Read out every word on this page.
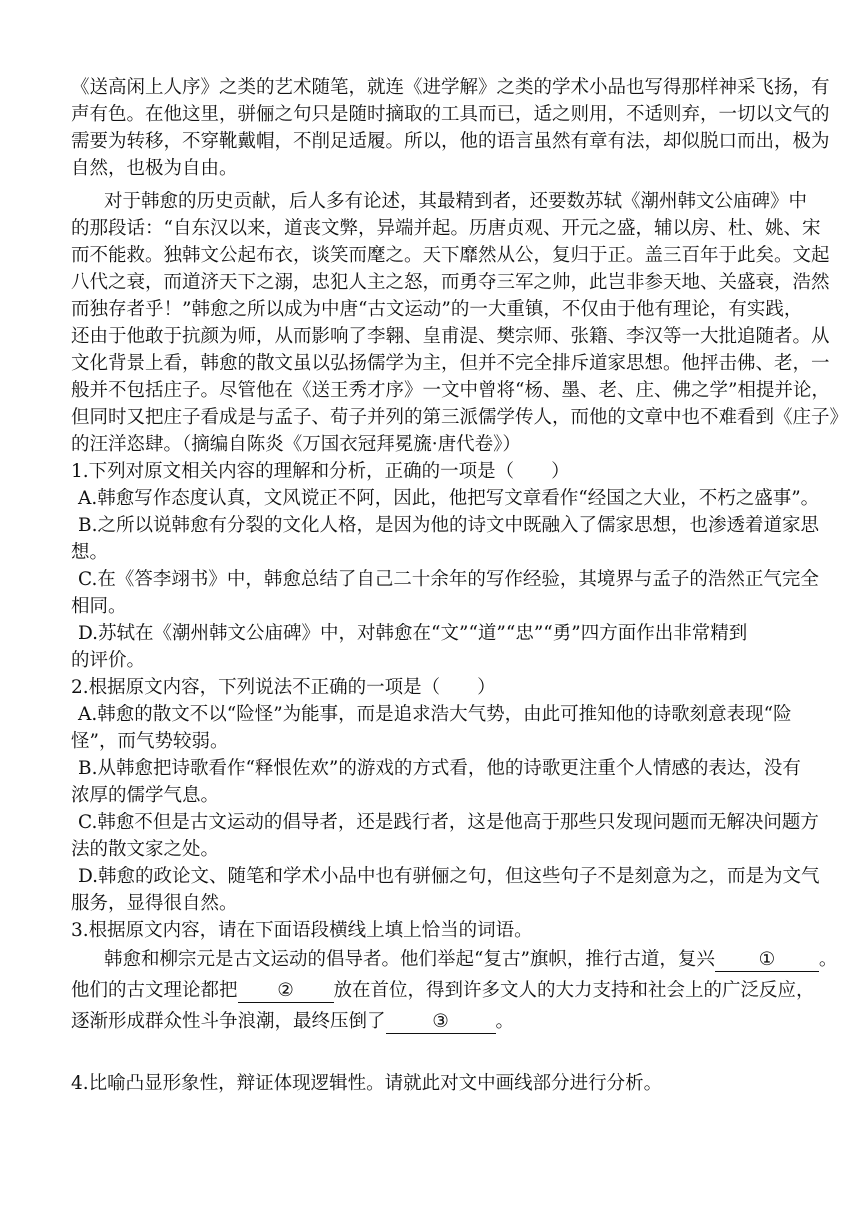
《送高闲上人序》之类的艺术随笔，就连《进学解》之类的学术小品也写得那样神采飞扬，有
声有色。在他这里，骈俪之句只是随时摘取的工具而已，适之则用，不适则弃，一切以文气的
需要为转移，不穿靴戴帽，不削足适履。所以，他的语言虽然有章有法，却似脱口而出，极为
自然，也极为自由。
对于韩愈的历史贡献，后人多有论述，其最精到者，还要数苏轼《潮州韩文公庙碑》中
的那段话：“自东汉以来，道丧文弊，异端并起。历唐贞观、开元之盛，辅以房、杜、姚、宋
而不能救。独韩文公起布衣，谈笑而麾之。天下靡然从公，复归于正。盖三百年于此矣。文起
八代之衰，而道济天下之溺，忠犯人主之怒，而勇夺三军之帅，此岂非参天地、关盛衰，浩然
而独存者乎！”韩愈之所以成为中唐“古文运动”的一大重镇，不仅由于他有理论，有实践，
还由于他敢于抗颜为师，从而影响了李翱、皇甫湜、樊宗师、张籍、李汉等一大批追随者。从
文化背景上看，韩愈的散文虽以弘扬儒学为主，但并不完全排斥道家思想。他抨击佛、老，一
般并不包括庄子。尽管他在《送王秀才序》一文中曾将“杨、墨、老、庄、佛之学”相提并论，
但同时又把庄子看成是与孟子、荀子并列的第三派儒学传人，而他的文章中也不难看到《庄子》
的汪洋恣肆。（摘编自陈炎《万国衣冠拜冕旒·唐代卷》）
1.下列对原文相关内容的理解和分析，正确的一项是（　　）
A.韩愈写作态度认真，文风谠正不阿，因此，他把写文章看作“经国之大业，不朽之盛事”。
B.之所以说韩愈有分裂的文化人格，是因为他的诗文中既融入了儒家思想，也渗透着道家思
想。
C.在《答李翊书》中，韩愈总结了自己二十余年的写作经验，其境界与孟子的浩然正气完全
相同。
D.苏轼在《潮州韩文公庙碑》中，对韩愈在“文”“道”“忠”“勇”四方面作出非常精到
的评价。
2.根据原文内容，下列说法不正确的一项是（　　）
A.韩愈的散文不以“险怪”为能事，而是追求浩大气势，由此可推知他的诗歌刻意表现“险
怪”，而气势较弱。
B.从韩愈把诗歌看作“释恨佐欢”的游戏的方式看，他的诗歌更注重个人情感的表达，没有
浓厚的儒学气息。
C.韩愈不但是古文运动的倡导者，还是践行者，这是他高于那些只发现问题而无解决问题方
法的散文家之处。
D.韩愈的政论文、随笔和学术小品中也有骈俪之句，但这些句子不是刻意为之，而是为文气
服务，显得很自然。
3.根据原文内容，请在下面语段横线上填上恰当的词语。
韩愈和柳宗元是古文运动的倡导者。他们举起“复古”旗帜，推行古道，复兴 ① 。
他们的古文理论都把 ② 放在首位，得到许多文人的大力支持和社会上的广泛反应，
逐渐形成群众性斗争浪潮，最终压倒了	③	。
4.比喻凸显形象性，辩证体现逻辑性。请就此对文中画线部分进行分析。
